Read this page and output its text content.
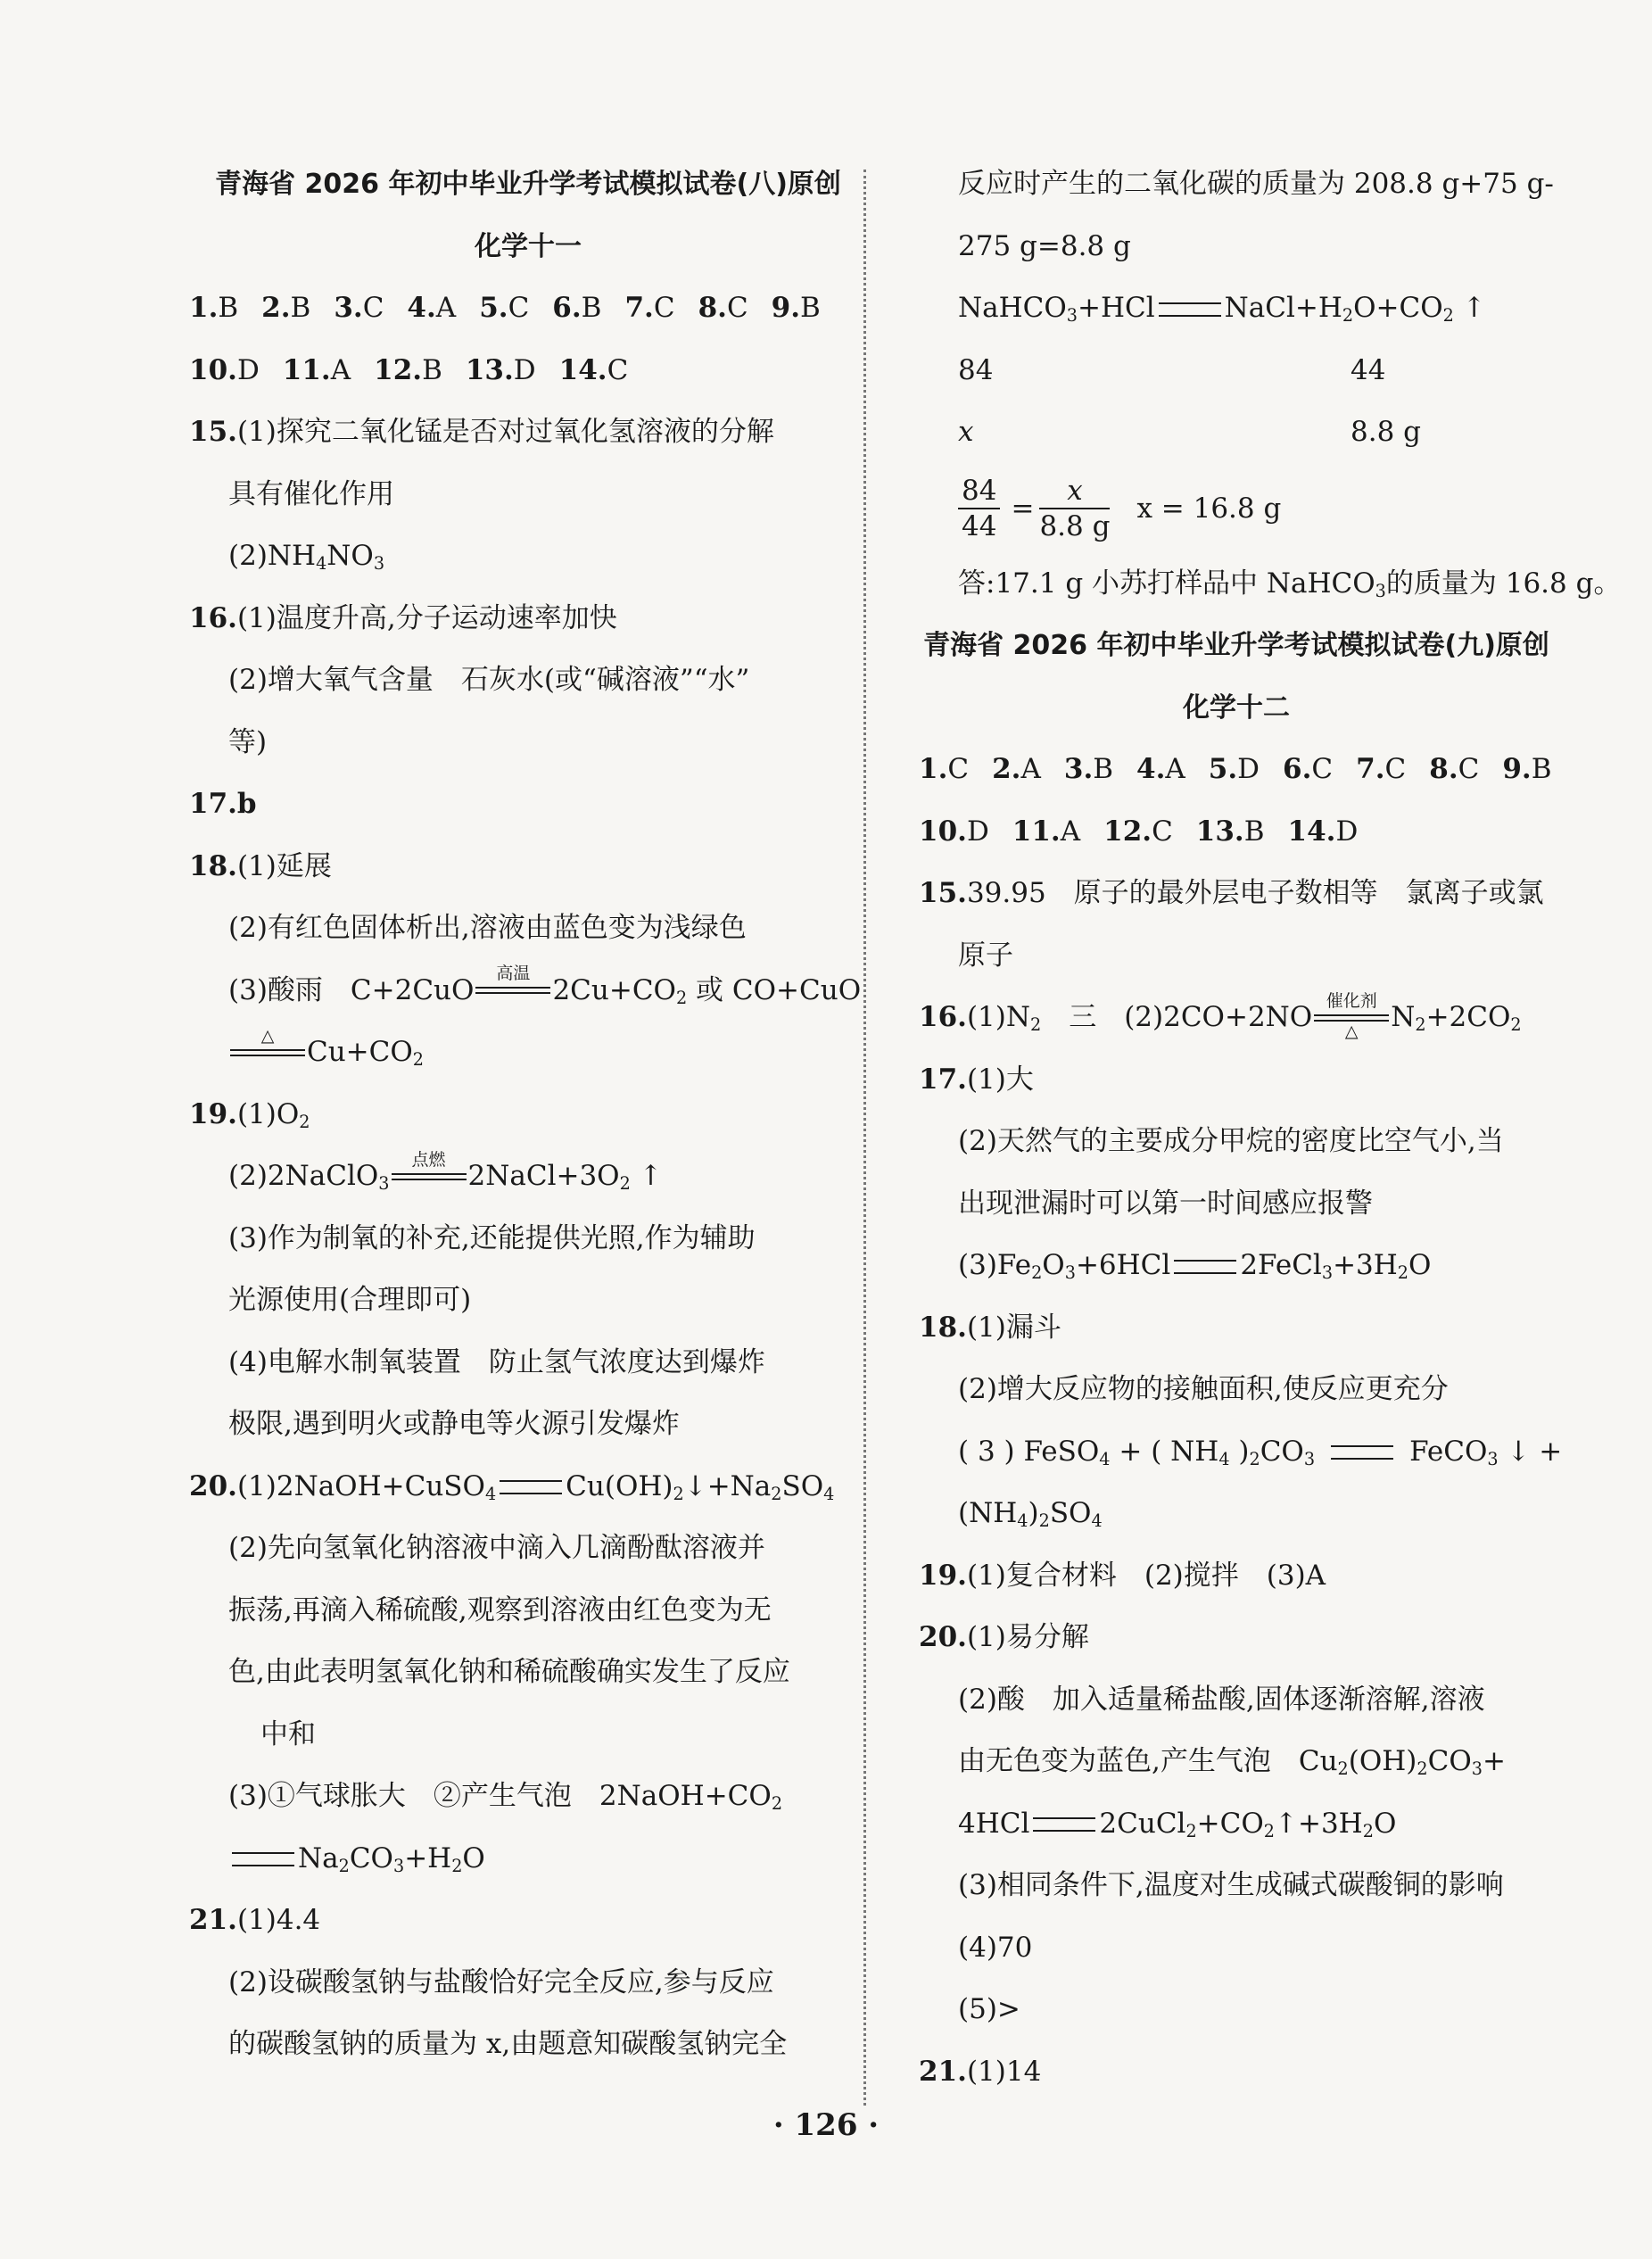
青海省 2026 年初中毕业升学考试模拟试卷(八)原创
化学十一
1.B 2.B 3.C 4.A 5.C 6.B 7.C 8.C 9.B
10.D 11.A 12.B 13.D 14.C
15.(1)探究二氧化锰是否对过氧化氢溶液的分解
具有催化作用
$(2)NH_4NO_3$
16.(1)温度升高,分子运动速率加快
(2)增大氧气含量　石灰水(或“碱溶液”“水”
等)
17.b
18.(1)延展
(2)有红色固体析出,溶液由蓝色变为浅绿色
(3)酸雨　C+2CuO
高温
$2Cu+CO_2$ 或 CO+CuO
△
$Cu+CO_2$
$19.(1)O_2$
(2)2NaClO$_3$
点燃
$2NaCl+3O_2$ ↑
(3)作为制氧的补充,还能提供光照,作为辅助
光源使用(合理即可)
(4)电解水制氧装置　防止氢气浓度达到爆炸
极限,遇到明火或静电等火源引发爆炸
20.(1)2NaOH+CuSO$_4$	$Cu(OH)_2↓+Na_2SO_4$
(2)先向氢氧化钠溶液中滴入几滴酚酞溶液并
振荡,再滴入稀硫酸,观察到溶液由红色变为无
色,由此表明氢氧化钠和稀硫酸确实发生了反应
中和
(3)①气球胀大　②产生气泡　$2NaOH+CO_2$
$Na_2CO_3+H_2O$
21.(1)4.4
(2)设碳酸氢钠与盐酸恰好完全反应,参与反应
的碳酸氢钠的质量为 x,由题意知碳酸氢钠完全
反应时产生的二氧化碳的质量为 208.8 g+75 g-
275 g=8.8 g
NaHCO$_3$+HCl	$NaCl+H_2O+CO_2$ ↑
84	44
x	8.8 g
$\frac{84}{44} = \frac{x}{8.8 g}$ x = 16.8 g
答:17.1 g 小苏打样品中 NaHCO$_3$的质量为 16.8 g。
青海省 2026 年初中毕业升学考试模拟试卷(九)原创
化学十二
1.C 2.A 3.B 4.A 5.D 6.C 7.C 8.C 9.B
10.D 11.A 12.C 13.B 14.D
15.39.95　原子的最外层电子数相等　氯离子或氯
原子
$16.(1)N_2$　三　(2)2CO+2NO
催化剂
△	$N_2+2CO_2$
17.(1)大
(2)天然气的主要成分甲烷的密度比空气小,当
出现泄漏时可以第一时间感应报警
$(3)Fe_2O_3+6HCl$	$2FeCl_3+3H_2O$
18.(1)漏斗
(2)增大反应物的接触面积,使反应更充分
( 3 ) FeSO$_4$ + ( $NH_4$ )$_2CO_3$	FeCO$_3$ ↓ +
$(NH_4)_2SO_4$
19.(1)复合材料　(2)搅拌　(3)A
20.(1)易分解
(2)酸　加入适量稀盐酸,固体逐渐溶解,溶液
由无色变为蓝色,产生气泡　$Cu_2(OH)_2CO_3+$
4HCl	$2CuCl_2+CO_2↑+3H_2O$
(3)相同条件下,温度对生成碱式碳酸铜的影响
(4)70
(5)>
21.(1)14
· 126 ·
